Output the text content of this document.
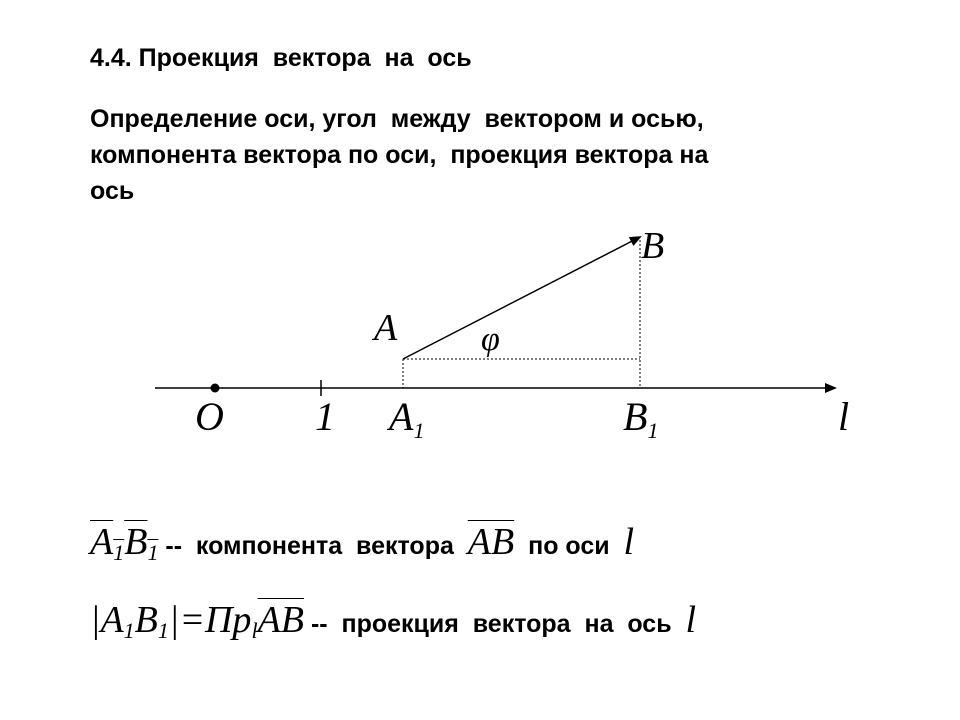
4.4. Проекция  вектора  на  ось
Определение оси, угол  между  вектором и осью,
компонента вектора по оси,  проекция вектора на
ось
B
A φ
O 1 $A_1$	$B_1$	l
$A_1B_1$ --  компонента  вектора  $\overline{AB}$  по оси  l
$|A_1B_1|=Пр_l\overline{AB}$ --  проекция  вектора  на  ось  l
